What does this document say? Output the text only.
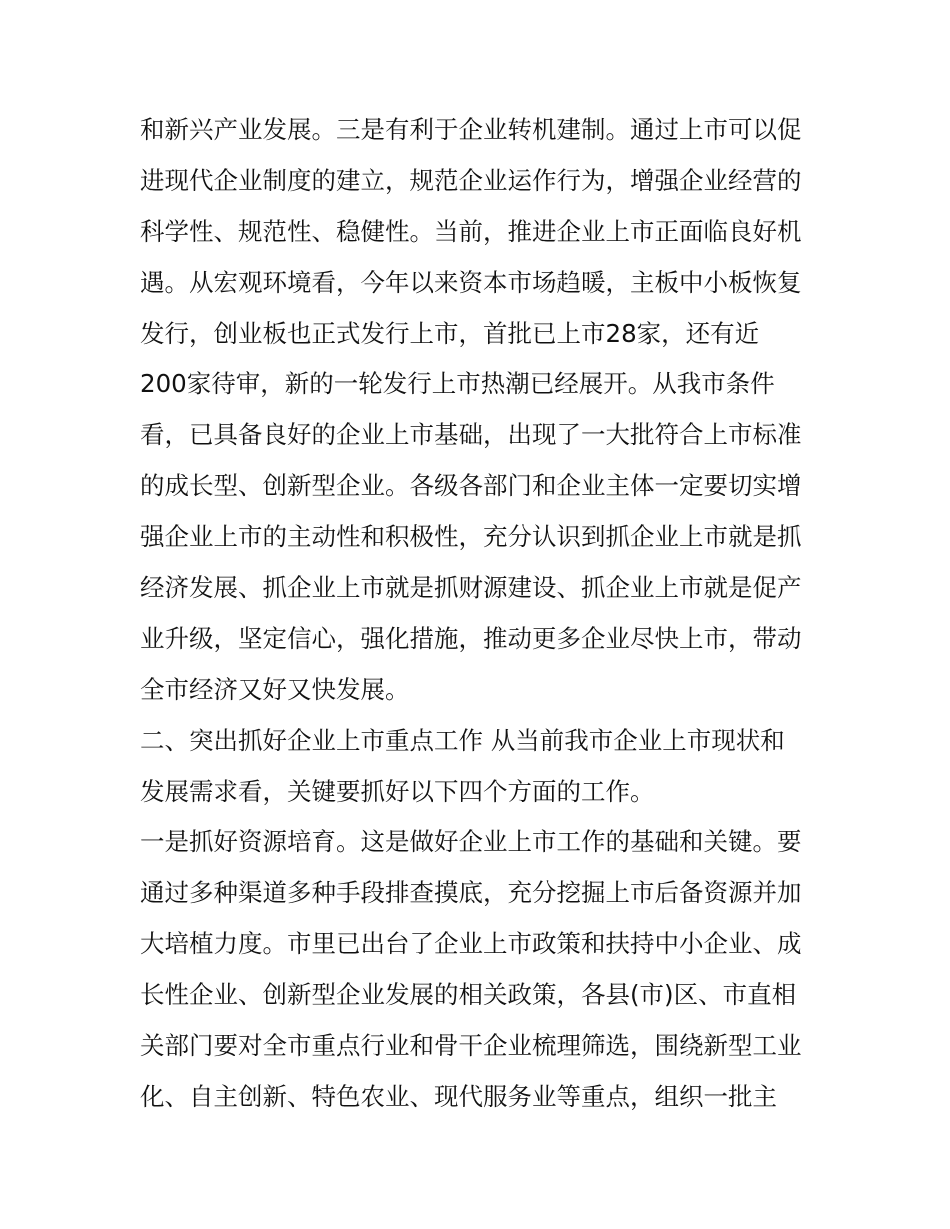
和新兴产业发展。三是有利于企业转机建制。通过上市可以促
进现代企业制度的建立，规范企业运作行为，增强企业经营的
科学性、规范性、稳健性。当前，推进企业上市正面临良好机
遇。从宏观环境看，今年以来资本市场趋暖，主板中小板恢复
发行，创业板也正式发行上市，首批已上市28家，还有近
200家待审，新的一轮发行上市热潮已经展开。从我市条件
看，已具备良好的企业上市基础，出现了一大批符合上市标准
的成长型、创新型企业。各级各部门和企业主体一定要切实增
强企业上市的主动性和积极性，充分认识到抓企业上市就是抓
经济发展、抓企业上市就是抓财源建设、抓企业上市就是促产
业升级，坚定信心，强化措施，推动更多企业尽快上市，带动
全市经济又好又快发展。
二、突出抓好企业上市重点工作 从当前我市企业上市现状和
发展需求看，关键要抓好以下四个方面的工作。
一是抓好资源培育。这是做好企业上市工作的基础和关键。要
通过多种渠道多种手段排查摸底，充分挖掘上市后备资源并加
大培植力度。市里已出台了企业上市政策和扶持中小企业、成
长性企业、创新型企业发展的相关政策，各县(市)区、市直相
关部门要对全市重点行业和骨干企业梳理筛选，围绕新型工业
化、自主创新、特色农业、现代服务业等重点，组织一批主
